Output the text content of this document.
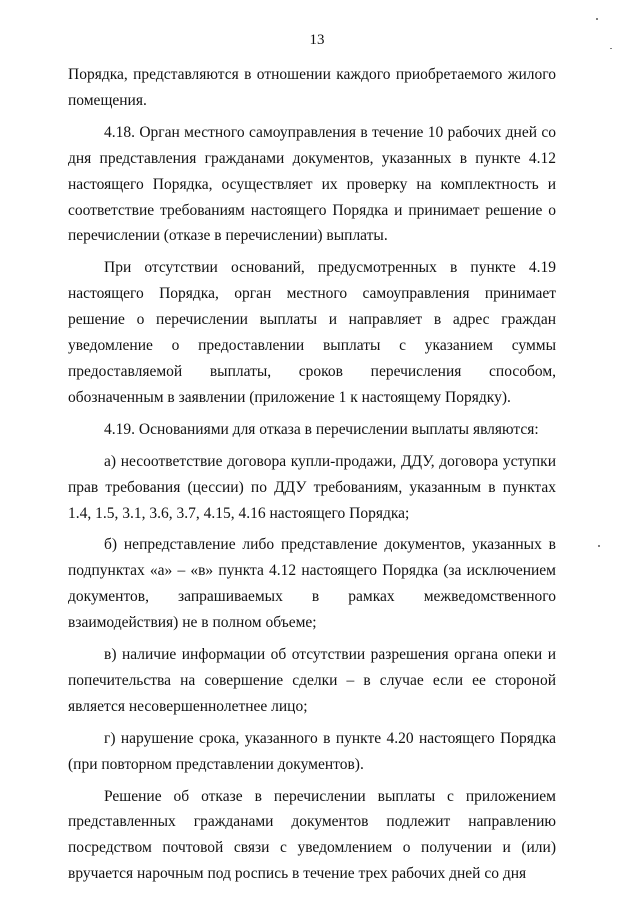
13

Порядка, представляются в отношении каждого приобретаемого жилого помещения.

4.18. Орган местного самоуправления в течение 10 рабочих дней со дня представления гражданами документов, указанных в пункте 4.12 настоящего Порядка, осуществляет их проверку на комплектность и соответствие требованиям настоящего Порядка и принимает решение о перечислении (отказе в перечислении) выплаты.

При отсутствии оснований, предусмотренных в пункте 4.19 настоящего Порядка, орган местного самоуправления принимает решение о перечислении выплаты и направляет в адрес граждан уведомление о предоставлении выплаты с указанием суммы предоставляемой выплаты, сроков перечисления способом, обозначенным в заявлении (приложение 1 к настоящему Порядку).

4.19. Основаниями для отказа в перечислении выплаты являются:

а) несоответствие договора купли-продажи, ДДУ, договора уступки прав требования (цессии) по ДДУ требованиям, указанным в пунктах 1.4, 1.5, 3.1, 3.6, 3.7, 4.15, 4.16 настоящего Порядка;

б) непредставление либо представление документов, указанных в подпунктах «а» – «в» пункта 4.12 настоящего Порядка (за исключением документов, запрашиваемых в рамках межведомственного взаимодействия) не в полном объеме;

в) наличие информации об отсутствии разрешения органа опеки и попечительства на совершение сделки – в случае если ее стороной является несовершеннолетнее лицо;

г) нарушение срока, указанного в пункте 4.20 настоящего Порядка (при повторном представлении документов).

Решение об отказе в перечислении выплаты с приложением представленных гражданами документов подлежит направлению посредством почтовой связи с уведомлением о получении и (или) вручается нарочным под роспись в течение трех рабочих дней со дня
